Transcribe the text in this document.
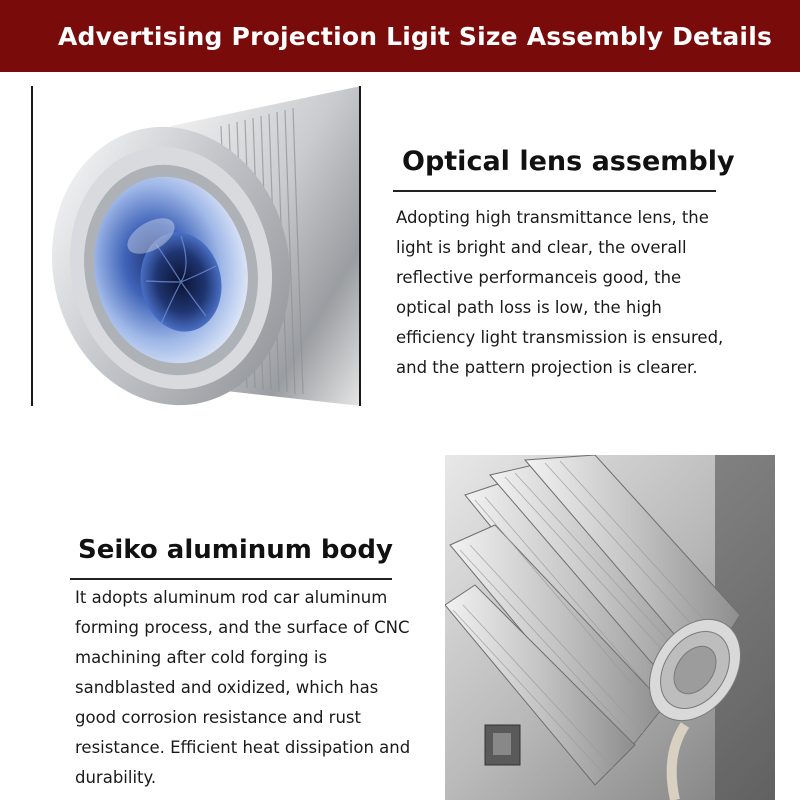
Advertising Projection Ligit Size Assembly Details
Optical lens assembly
Adopting high transmittance lens, the
light is bright and clear, the overall
reflective performanceis good, the
optical path loss is low, the high
efficiency light transmission is ensured,
and the pattern projection is clearer.
Seiko aluminum body
It adopts aluminum rod car aluminum
forming process, and the surface of CNC
machining after cold forging is
sandblasted and oxidized, which has
good corrosion resistance and rust
resistance. Efficient heat dissipation and
durability.
